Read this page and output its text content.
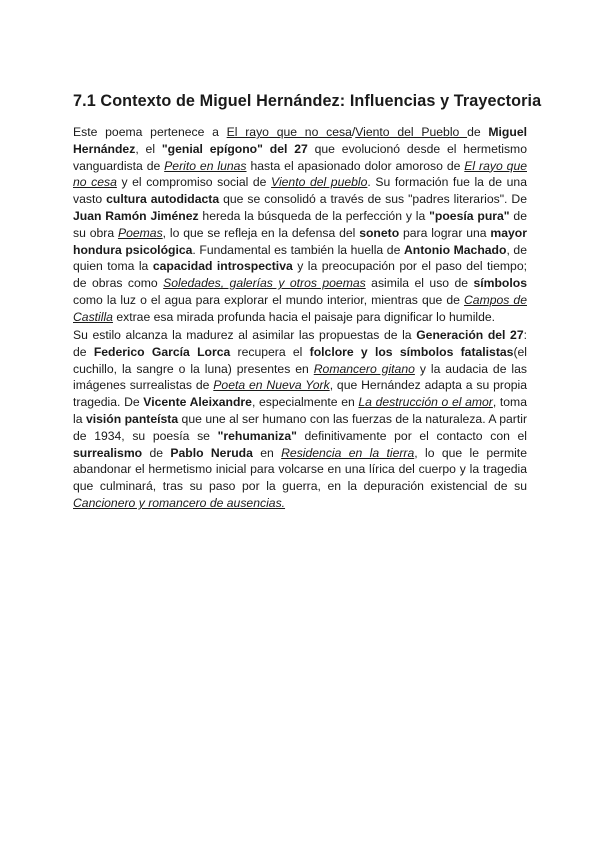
7.1 Contexto de Miguel Hernández: Influencias y Trayectoria

Este poema pertenece a El rayo que no cesa/Viento del Pueblo de Miguel Hernández, el "genial epígono" del 27 que evolucionó desde el hermetismo vanguardista de Perito en lunas hasta el apasionado dolor amoroso de El rayo que no cesa y el compromiso social de Viento del pueblo. Su formación fue la de una vasto cultura autodidacta que se consolidó a través de sus "padres literarios". De Juan Ramón Jiménez hereda la búsqueda de la perfección y la "poesía pura" de su obra Poemas, lo que se refleja en la defensa del soneto para lograr una mayor hondura psicológica. Fundamental es también la huella de Antonio Machado, de quien toma la capacidad introspectiva y la preocupación por el paso del tiempo; de obras como Soledades, galerías y otros poemas asimila el uso de símbolos como la luz o el agua para explorar el mundo interior, mientras que de Campos de Castilla extrae esa mirada profunda hacia el paisaje para dignificar lo humilde.

Su estilo alcanza la madurez al asimilar las propuestas de la Generación del 27: de Federico García Lorca recupera el folclore y los símbolos fatalistas(el cuchillo, la sangre o la luna) presentes en Romancero gitano y la audacia de las imágenes surrealistas de Poeta en Nueva York, que Hernández adapta a su propia tragedia. De Vicente Aleixandre, especialmente en La destrucción o el amor, toma la visión panteísta que une al ser humano con las fuerzas de la naturaleza. A partir de 1934, su poesía se "rehumaniza" definitivamente por el contacto con el surrealismo de Pablo Neruda en Residencia en la tierra, lo que le permite abandonar el hermetismo inicial para volcarse en una lírica del cuerpo y la tragedia que culminará, tras su paso por la guerra, en la depuración existencial de su Cancionero y romancero de ausencias.
